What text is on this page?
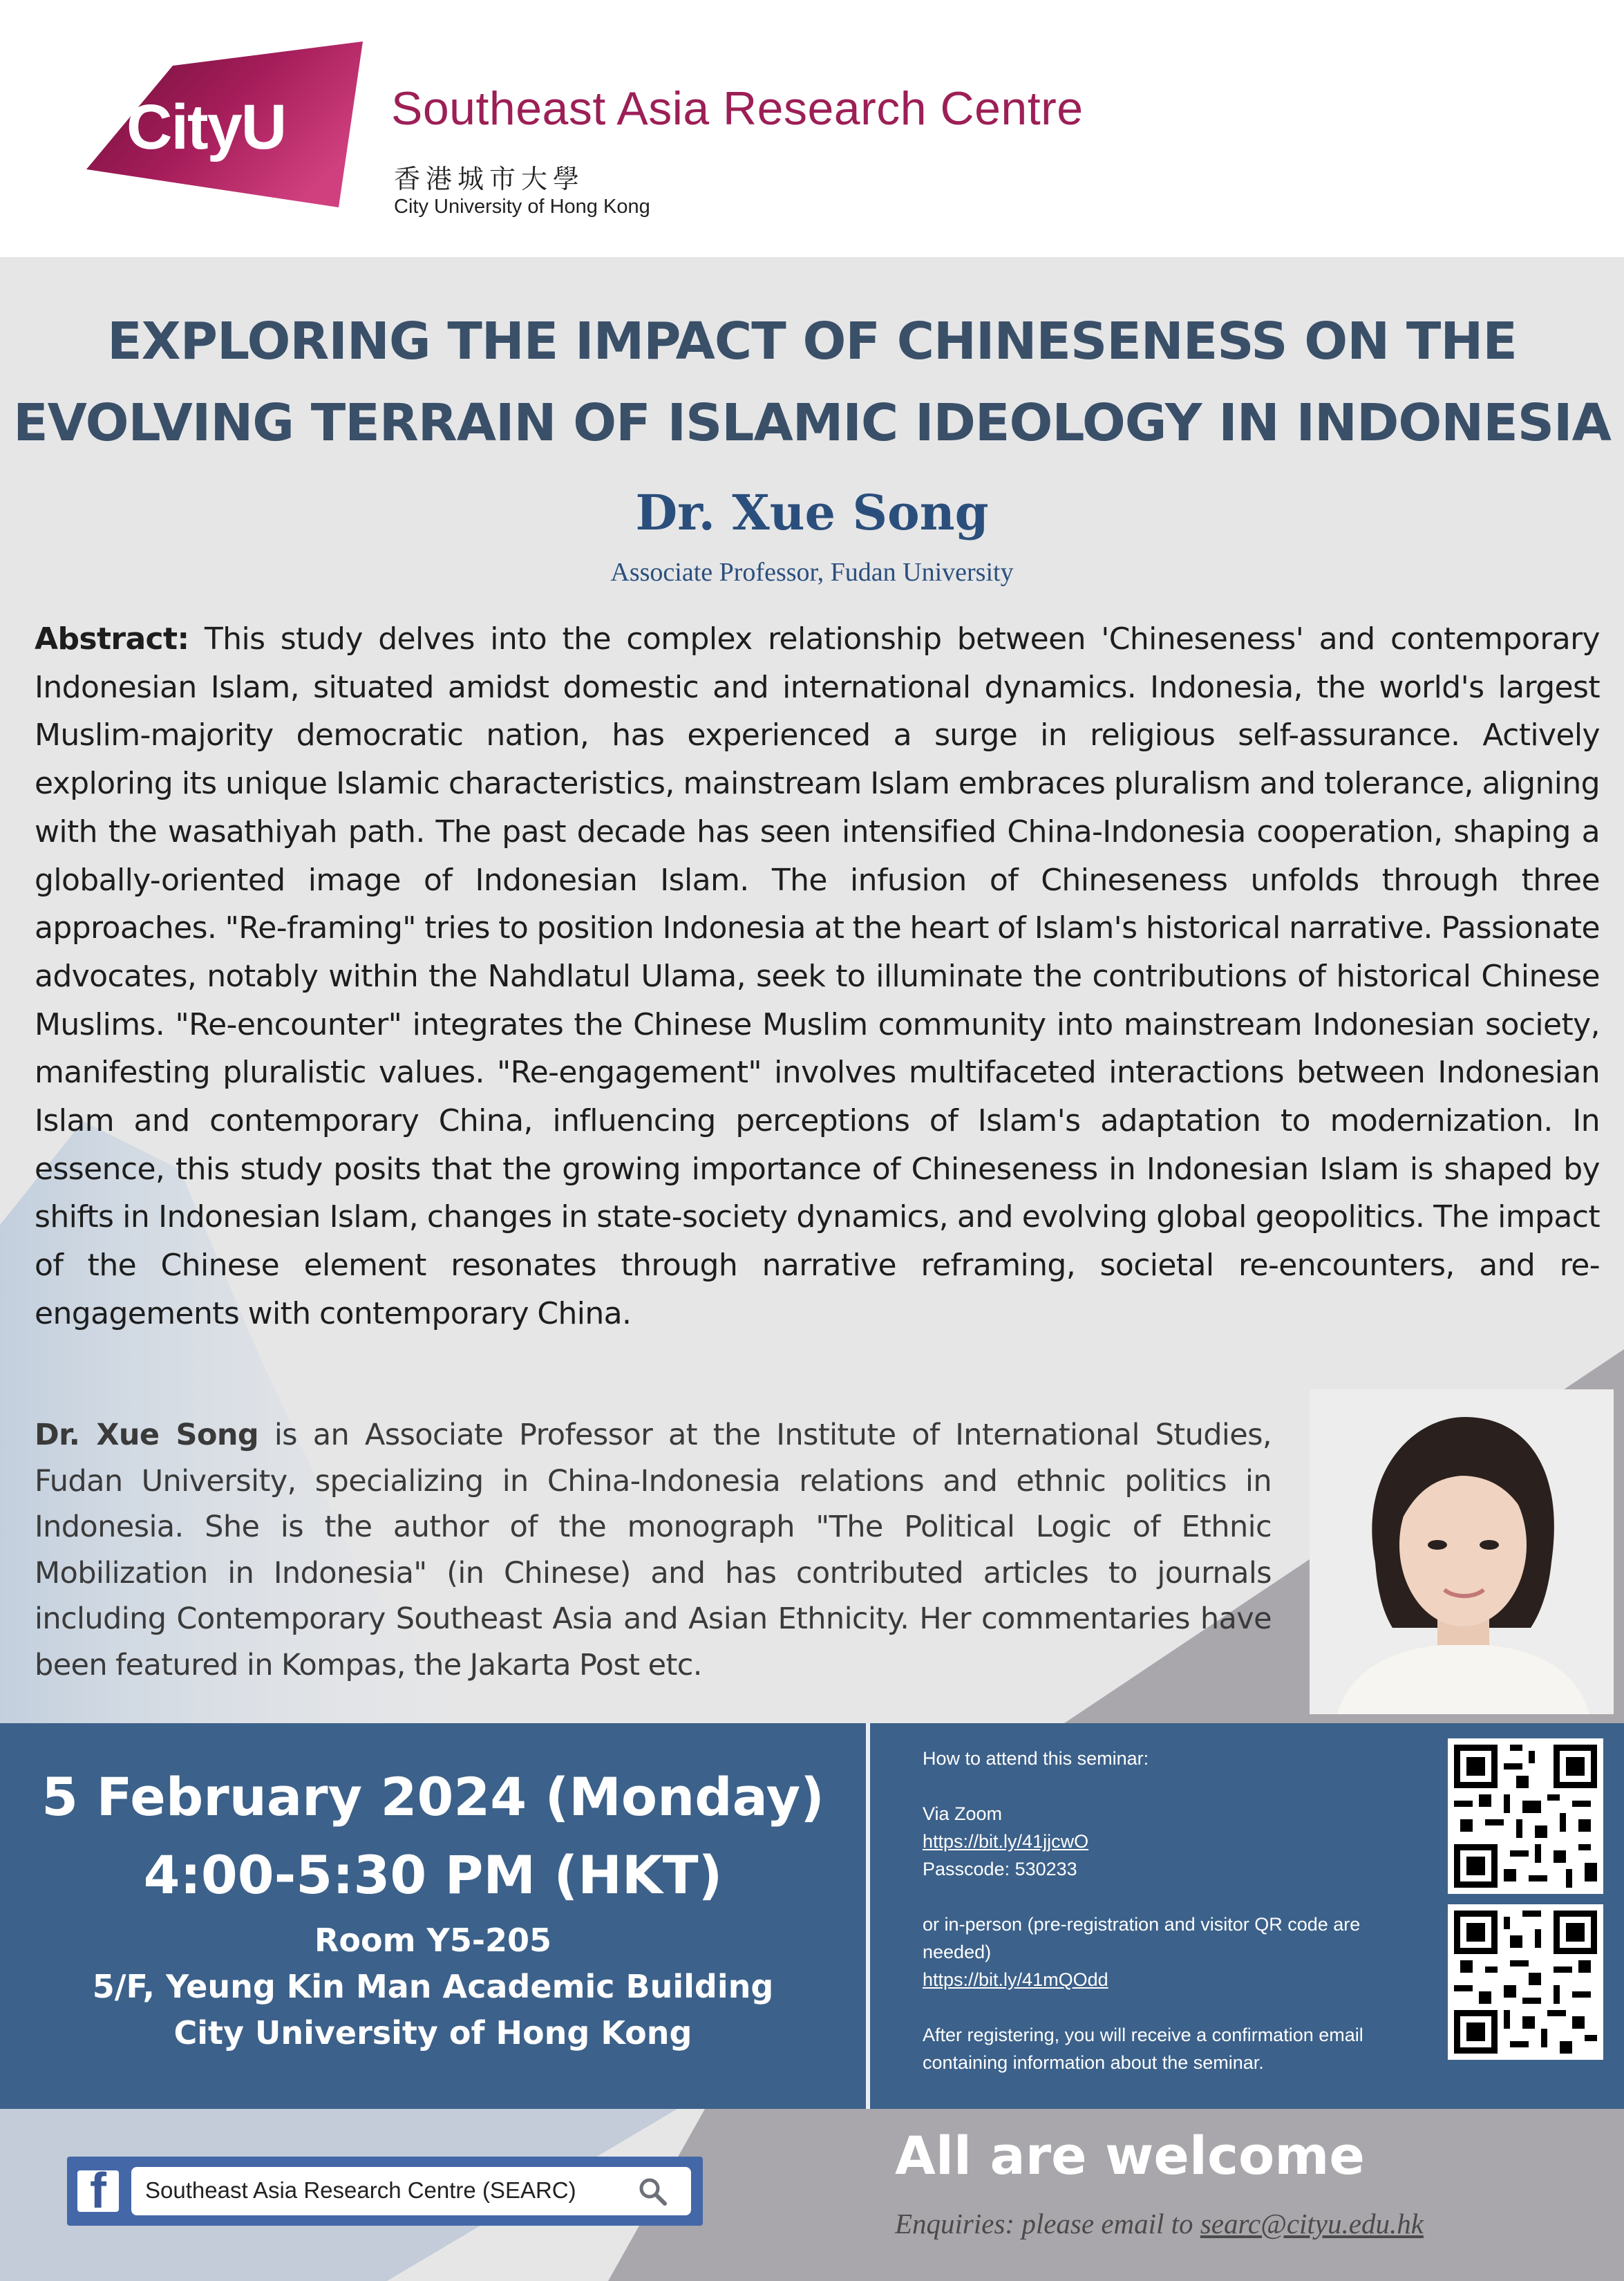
CityU Southeast Asia Research Centre
香港城市大學
City University of Hong Kong
EXPLORING THE IMPACT OF CHINESENESS ON THE
EVOLVING TERRAIN OF ISLAMIC IDEOLOGY IN INDONESIA
Dr. Xue Song
Associate Professor, Fudan University
Abstract: This study delves into the complex relationship between 'Chineseness' and contemporary Indonesian Islam, situated amidst domestic and international dynamics. Indonesia, the world's largest Muslim-majority democratic nation, has experienced a surge in religious self-assurance. Actively exploring its unique Islamic characteristics, mainstream Islam embraces pluralism and tolerance, aligning with the wasathiyah path. The past decade has seen intensified China-Indonesia cooperation, shaping a globally-oriented image of Indonesian Islam. The infusion of Chineseness unfolds through three approaches. "Re-framing" tries to position Indonesia at the heart of Islam's historical narrative. Passionate advocates, notably within the Nahdlatul Ulama, seek to illuminate the contributions of historical Chinese Muslims. "Re-encounter" integrates the Chinese Muslim community into mainstream Indonesian society, manifesting pluralistic values. "Re-engagement" involves multifaceted interactions between Indonesian Islam and contemporary China, influencing perceptions of Islam's adaptation to modernization. In essence, this study posits that the growing importance of Chineseness in Indonesian Islam is shaped by shifts in Indonesian Islam, changes in state-society dynamics, and evolving global geopolitics. The impact of the Chinese element resonates through narrative reframing, societal re-encounters, and re-engagements with contemporary China.
Dr. Xue Song is an Associate Professor at the Institute of International Studies, Fudan University, specializing in China-Indonesia relations and ethnic politics in Indonesia. She is the author of the monograph "The Political Logic of Ethnic Mobilization in Indonesia" (in Chinese) and has contributed articles to journals including Contemporary Southeast Asia and Asian Ethnicity. Her commentaries have been featured in Kompas, the Jakarta Post etc.
5 February 2024 (Monday)
4:00-5:30 PM (HKT)
Room Y5-205
5/F, Yeung Kin Man Academic Building
City University of Hong Kong
How to attend this seminar:
Via Zoom
https://bit.ly/41jjcwO
Passcode: 530233
or in-person (pre-registration and visitor QR code are needed)
https://bit.ly/41mQOdd
After registering, you will receive a confirmation email containing information about the seminar.
f	Southeast Asia Research Centre (SEARC)
All are welcome
Enquiries: please email to searc@cityu.edu.hk
